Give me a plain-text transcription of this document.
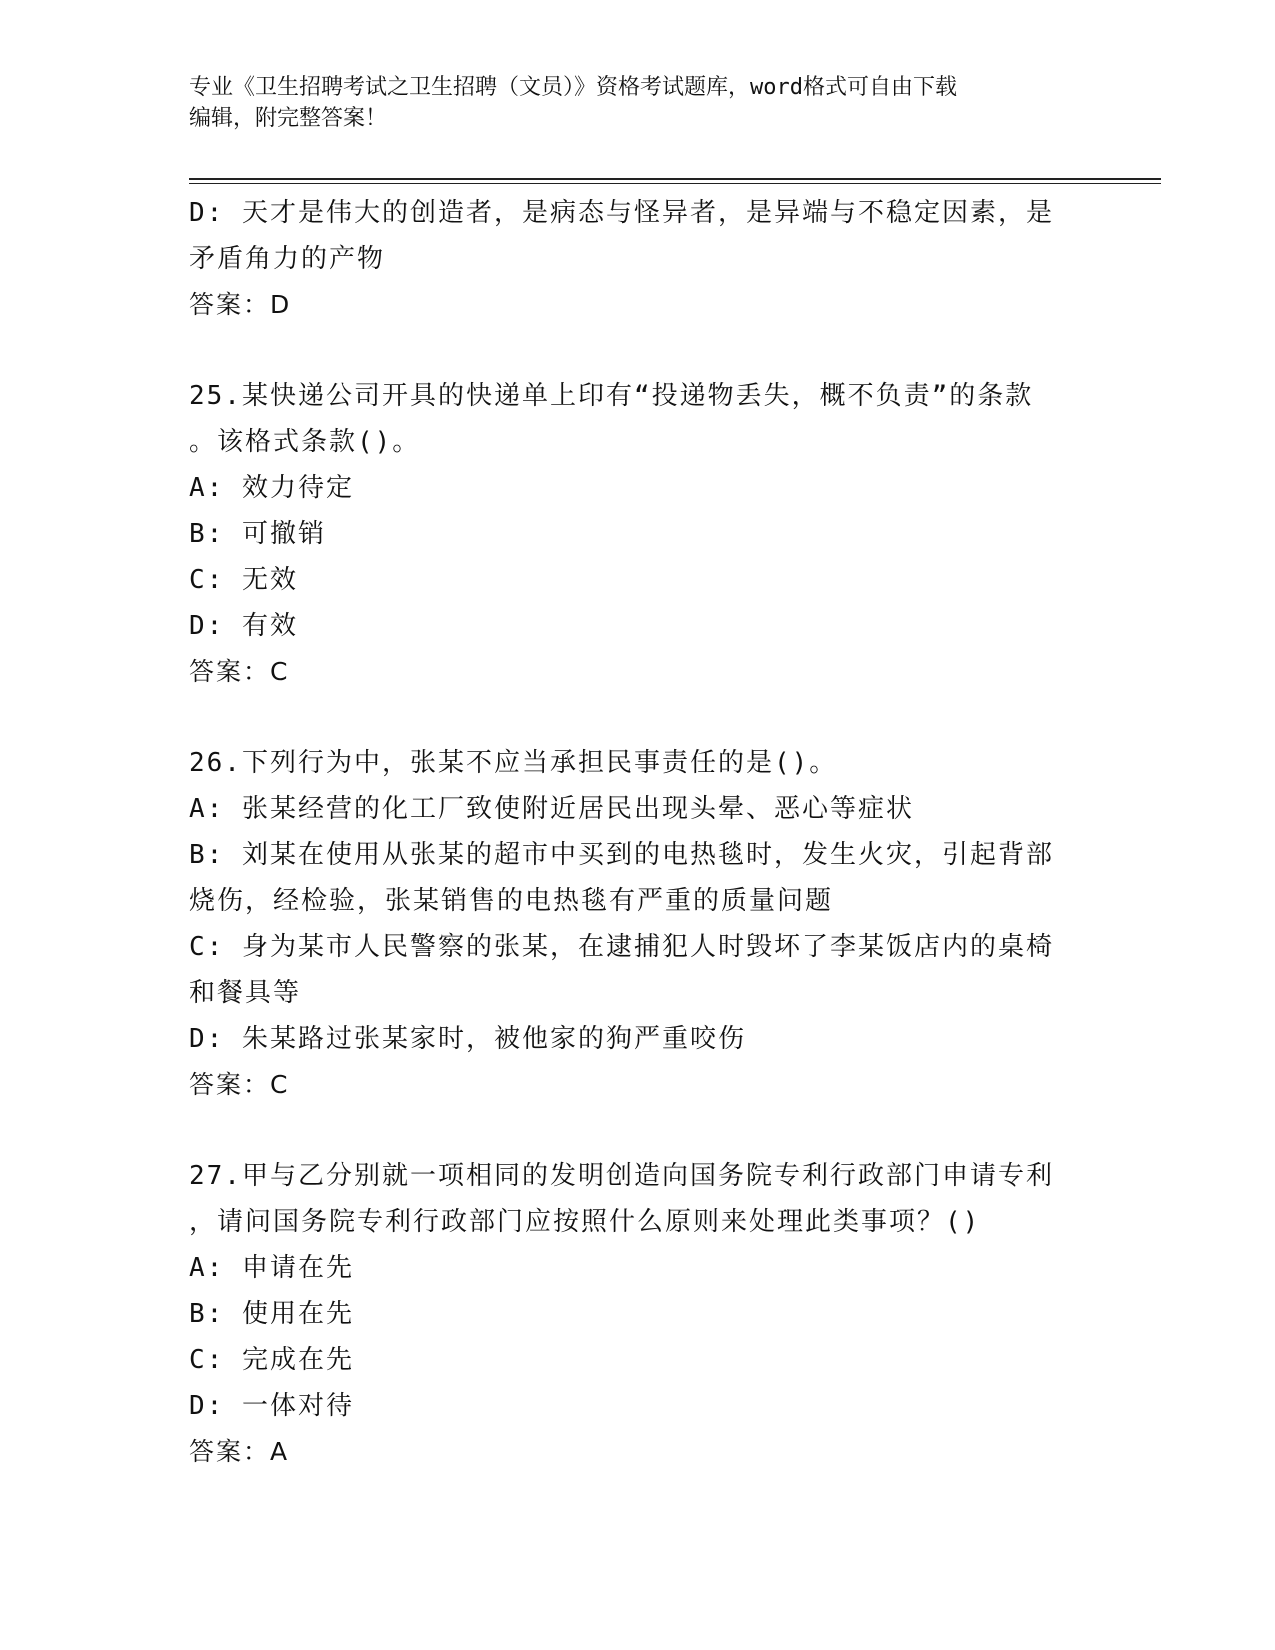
专业《卫生招聘考试之卫生招聘（文员）》资格考试题库，word格式可自由下载
编辑，附完整答案！
D: 天才是伟大的创造者，是病态与怪异者，是异端与不稳定因素，是
矛盾角力的产物
答案：D
25.某快递公司开具的快递单上印有“投递物丢失，概不负责”的条款
。该格式条款()。
A: 效力待定
B: 可撤销
C: 无效
D: 有效
答案：C
26.下列行为中，张某不应当承担民事责任的是()。
A: 张某经营的化工厂致使附近居民出现头晕、恶心等症状
B: 刘某在使用从张某的超市中买到的电热毯时，发生火灾，引起背部
烧伤，经检验，张某销售的电热毯有严重的质量问题
C: 身为某市人民警察的张某，在逮捕犯人时毁坏了李某饭店内的桌椅
和餐具等
D: 朱某路过张某家时，被他家的狗严重咬伤
答案：C
27.甲与乙分别就一项相同的发明创造向国务院专利行政部门申请专利
，请问国务院专利行政部门应按照什么原则来处理此类事项？()
A: 申请在先
B: 使用在先
C: 完成在先
D: 一体对待
答案：A
